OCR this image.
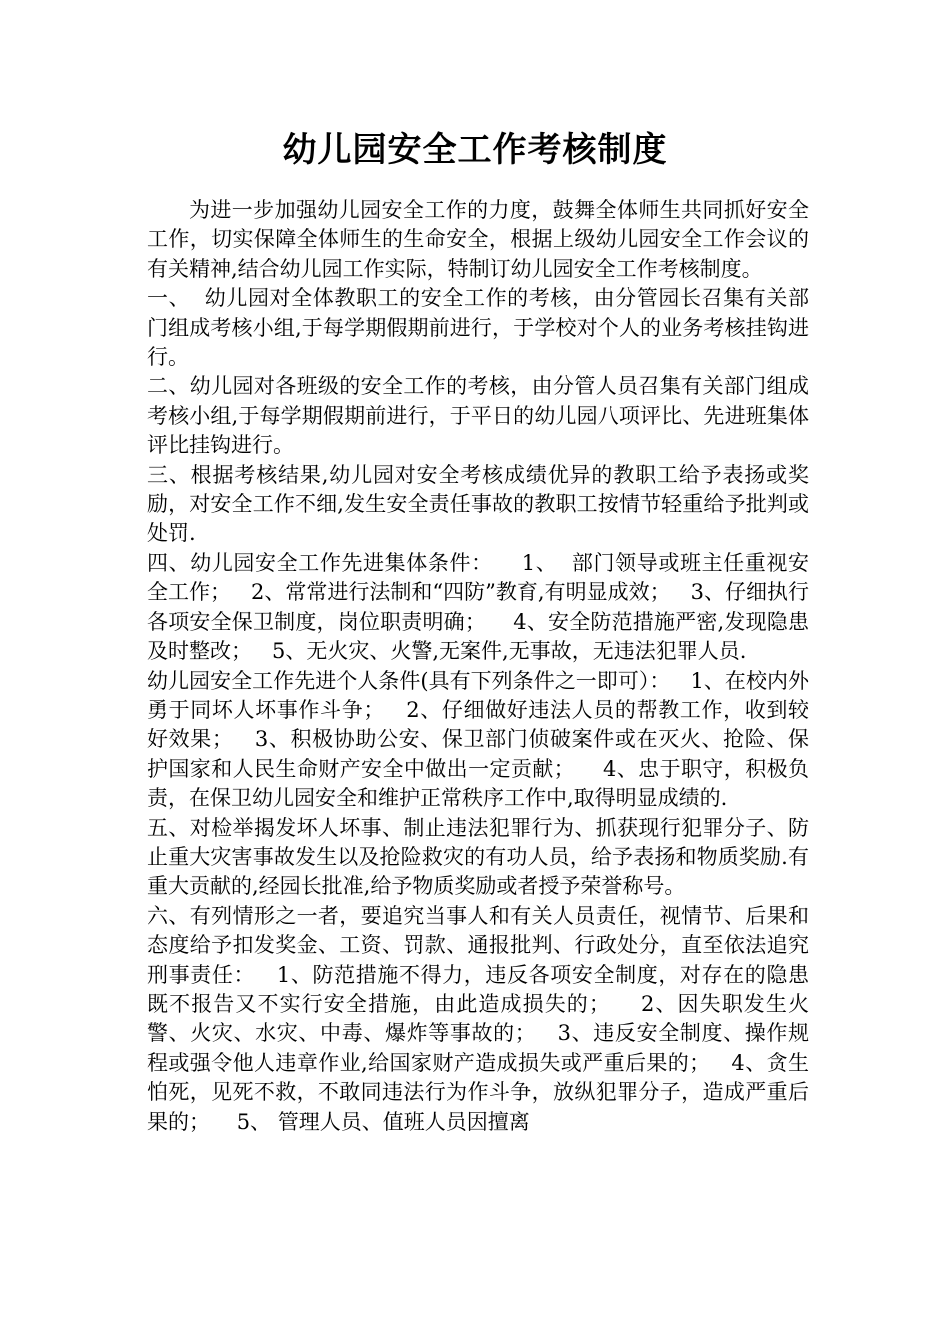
幼儿园安全工作考核制度

为进一步加强幼儿园安全工作的力度，鼓舞全体师生共同抓好安全工作，切实保障全体师生的生命安全，根据上级幼儿园安全工作会议的有关精神,结合幼儿园工作实际，特制订幼儿园安全工作考核制度。

一、  幼儿园对全体教职工的安全工作的考核，由分管园长召集有关部门组成考核小组,于每学期假期前进行，于学校对个人的业务考核挂钩进行。

二、幼儿园对各班级的安全工作的考核，由分管人员召集有关部门组成考核小组,于每学期假期前进行，于平日的幼儿园八项评比、先进班集体评比挂钩进行。

三、根据考核结果,幼儿园对安全考核成绩优异的教职工给予表扬或奖励，对安全工作不细,发生安全责任事故的教职工按情节轻重给予批判或处罚.

四、幼儿园安全工作先进集体条件：    1、  部门领导或班主任重视安全工作；   2、常常进行法制和“四防”教育,有明显成效；   3、仔细执行各项安全保卫制度，岗位职责明确；    4、安全防范措施严密,发现隐患及时整改；   5、无火灾、火警,无案件,无事故，无违法犯罪人员.

幼儿园安全工作先进个人条件(具有下列条件之一即可）：   1、在校内外勇于同坏人坏事作斗争；   2、仔细做好违法人员的帮教工作，收到较好效果；   3、积极协助公安、保卫部门侦破案件或在灭火、抢险、保护国家和人民生命财产安全中做出一定贡献；    4、忠于职守，积极负责，在保卫幼儿园安全和维护正常秩序工作中,取得明显成绩的.

五、对检举揭发坏人坏事、制止违法犯罪行为、抓获现行犯罪分子、防止重大灾害事故发生以及抢险救灾的有功人员，给予表扬和物质奖励.有重大贡献的,经园长批准,给予物质奖励或者授予荣誉称号。

六、有列情形之一者，要追究当事人和有关人员责任，视情节、后果和态度给予扣发奖金、工资、罚款、通报批判、行政处分，直至依法追究刑事责任：   1、防范措施不得力，违反各项安全制度，对存在的隐患既不报告又不实行安全措施，由此造成损失的；    2、因失职发生火警、火灾、水灾、中毒、爆炸等事故的；   3、违反安全制度、操作规程或强令他人违章作业,给国家财产造成损失或严重后果的；   4、贪生怕死，见死不救，不敢同违法行为作斗争，放纵犯罪分子，造成严重后果的；    5、 管理人员、值班人员因擅离
